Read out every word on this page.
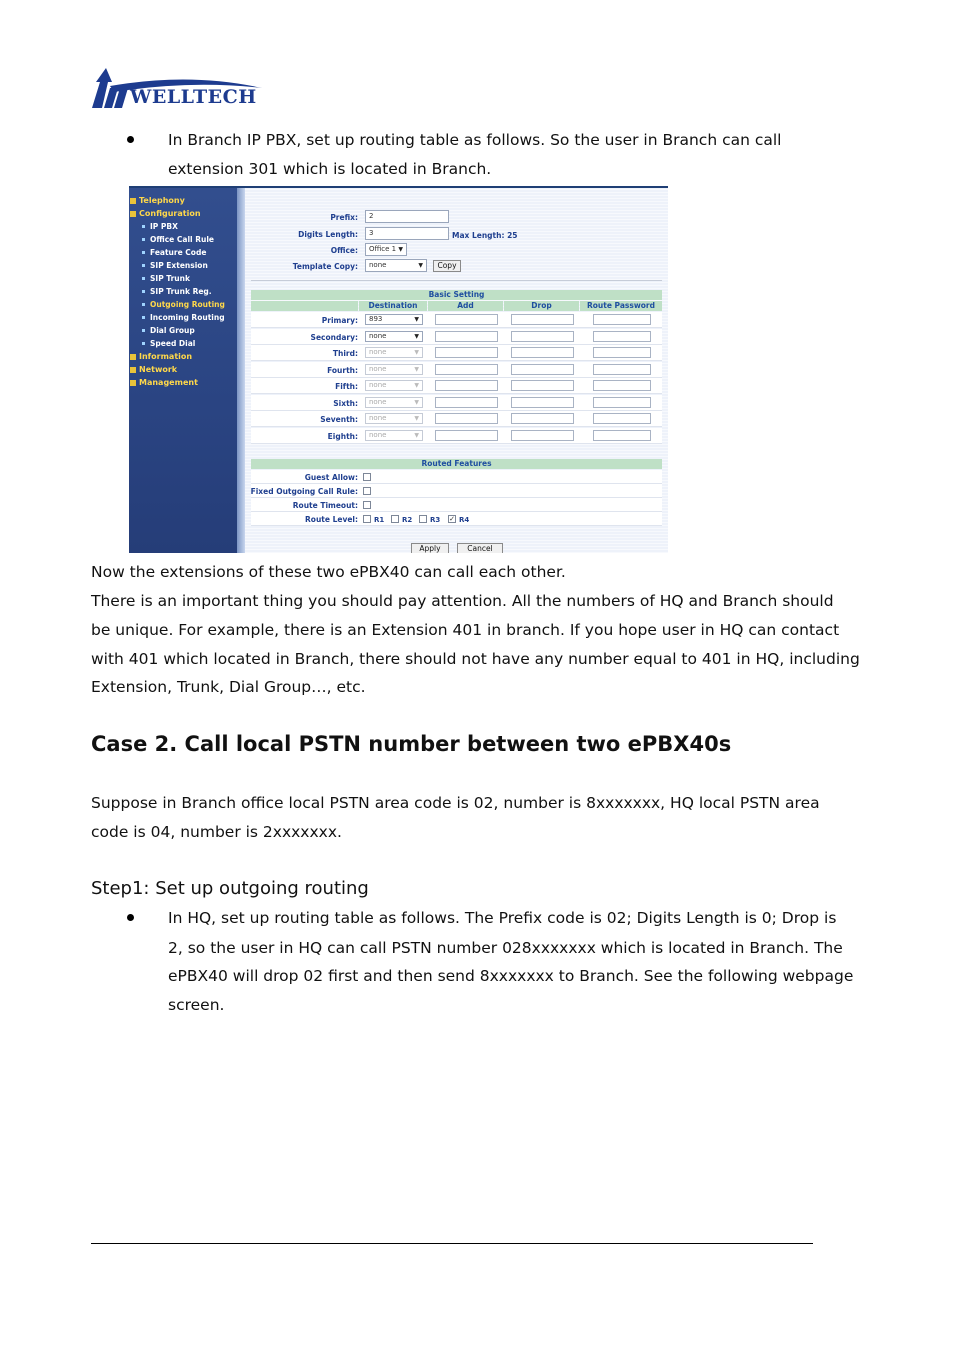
WELLTECH
In Branch IP PBX, set up routing table as follows. So the user in Branch can call
extension 301 which is located in Branch.
Telephony
Configuration
IP PBX
Office Call Rule
Feature Code
SIP Extension
SIP Trunk
SIP Trunk Reg.
Outgoing Routing
Incoming Routing
Dial Group
Speed Dial
Information
Network
Management
Prefix:	2
Digits Length:	3	Max Length: 25
Office:	Office 1 ▼
Template Copy:	none	▼	Copy
Basic Setting
Destination	Add	Drop	Route Password
Primary:	893	▼
Secondary:	none	▼
Third:	none	▼
Fourth:	none	▼
Fifth:	none	▼
Sixth:	none	▼
Seventh:	none	▼
Eighth:	none	▼
Routed Features
Guest Allow:
Fixed Outgoing Call Rule:
Route Timeout:
Route Level: R1	R2	R3 ✓ R4
Apply	Cancel
Now the extensions of these two ePBX40 can call each other.
There is an important thing you should pay attention. All the numbers of HQ and Branch should
be unique. For example, there is an Extension 401 in branch. If you hope user in HQ can contact
with 401 which located in Branch, there should not have any number equal to 401 in HQ, including
Extension, Trunk, Dial Group…, etc.
Case 2. Call local PSTN number between two ePBX40s
Suppose in Branch office local PSTN area code is 02, number is 8xxxxxxx, HQ local PSTN area
code is 04, number is 2xxxxxxx.
Step1: Set up outgoing routing
In HQ, set up routing table as follows. The Prefix code is 02; Digits Length is 0; Drop is
2, so the user in HQ can call PSTN number 028xxxxxxx which is located in Branch. The
ePBX40 will drop 02 first and then send 8xxxxxxx to Branch. See the following webpage
screen.
